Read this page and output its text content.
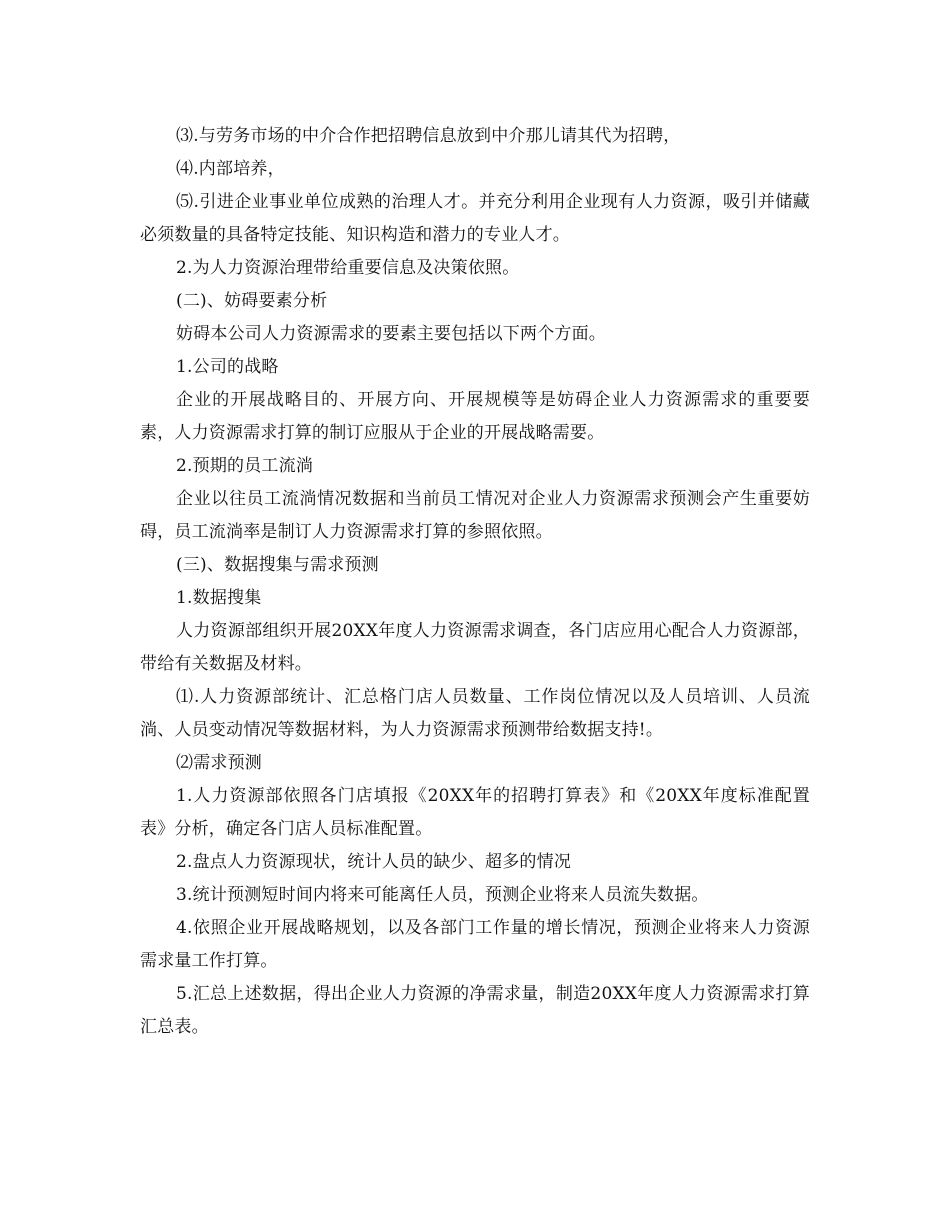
⑶.与劳务市场的中介合作把招聘信息放到中介那儿请其代为招聘，

⑷.内部培养，

⑸.引进企业事业单位成熟的治理人才。并充分利用企业现有人力资源，吸引并储藏必须数量的具备特定技能、知识构造和潜力的专业人才。

2.为人力资源治理带给重要信息及决策依照。

(二)、妨碍要素分析

妨碍本公司人力资源需求的要素主要包括以下两个方面。

1.公司的战略

企业的开展战略目的、开展方向、开展规模等是妨碍企业人力资源需求的重要要素，人力资源需求打算的制订应服从于企业的开展战略需要。

2.预期的员工流淌

企业以往员工流淌情况数据和当前员工情况对企业人力资源需求预测会产生重要妨碍，员工流淌率是制订人力资源需求打算的参照依照。

(三)、数据搜集与需求预测

1.数据搜集

人力资源部组织开展20XX年度人力资源需求调查，各门店应用心配合人力资源部，带给有关数据及材料。

⑴.人力资源部统计、汇总格门店人员数量、工作岗位情况以及人员培训、人员流淌、人员变动情况等数据材料，为人力资源需求预测带给数据支持!。

⑵需求预测

1.人力资源部依照各门店填报《20XX年的招聘打算表》和《20XX年度标准配置表》分析，确定各门店人员标准配置。

2.盘点人力资源现状，统计人员的缺少、超多的情况

3.统计预测短时间内将来可能离任人员，预测企业将来人员流失数据。

4.依照企业开展战略规划，以及各部门工作量的增长情况，预测企业将来人力资源需求量工作打算。

5.汇总上述数据，得出企业人力资源的净需求量，制造20XX年度人力资源需求打算汇总表。
